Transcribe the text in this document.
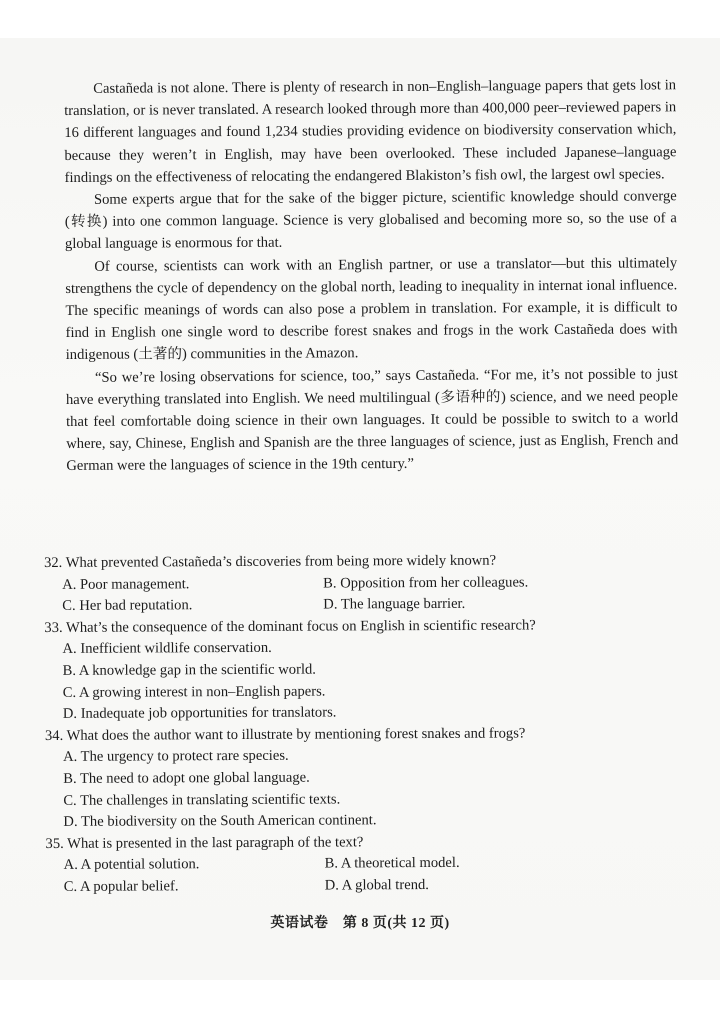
Castañeda is not alone. There is plenty of research in non–English–language papers that gets lost in translation, or is never translated. A research looked through more than 400,000 peer–reviewed papers in 16 different languages and found 1,234 studies providing evidence on biodiversity conservation which, because they weren’t in English, may have been overlooked. These included Japanese–language findings on the effectiveness of relocating the endangered Blakiston’s fish owl, the largest owl species.

Some experts argue that for the sake of the bigger picture, scientific knowledge should converge (转换) into one common language. Science is very globalised and becoming more so, so the use of a global language is enormous for that.

Of course, scientists can work with an English partner, or use a translator—but this ultimately strengthens the cycle of dependency on the global north, leading to inequality in internat ional influence. The specific meanings of words can also pose a problem in translation. For example, it is difficult to find in English one single word to describe forest snakes and frogs in the work Castañeda does with indigenous (土著的) communities in the Amazon.

“So we’re losing observations for science, too,” says Castañeda. “For me, it’s not possible to just have everything translated into English. We need multilingual (多语种的) science, and we need people that feel comfortable doing science in their own languages. It could be possible to switch to a world where, say, Chinese, English and Spanish are the three languages of science, just as English, French and German were the languages of science in the 19th century.”

32. What prevented Castañeda’s discoveries from being more widely known?

A. Poor management.	B. Opposition from her colleagues.

C. Her bad reputation.	D. The language barrier.

33. What’s the consequence of the dominant focus on English in scientific research?

A. Inefficient wildlife conservation.

B. A knowledge gap in the scientific world.

C. A growing interest in non–English papers.

D. Inadequate job opportunities for translators.

34. What does the author want to illustrate by mentioning forest snakes and frogs?

A. The urgency to protect rare species.

B. The need to adopt one global language.

C. The challenges in translating scientific texts.

D. The biodiversity on the South American continent.

35. What is presented in the last paragraph of the text?

A. A potential solution.	B. A theoretical model.

C. A popular belief.	D. A global trend.

英语试卷　第 8 页(共 12 页)
